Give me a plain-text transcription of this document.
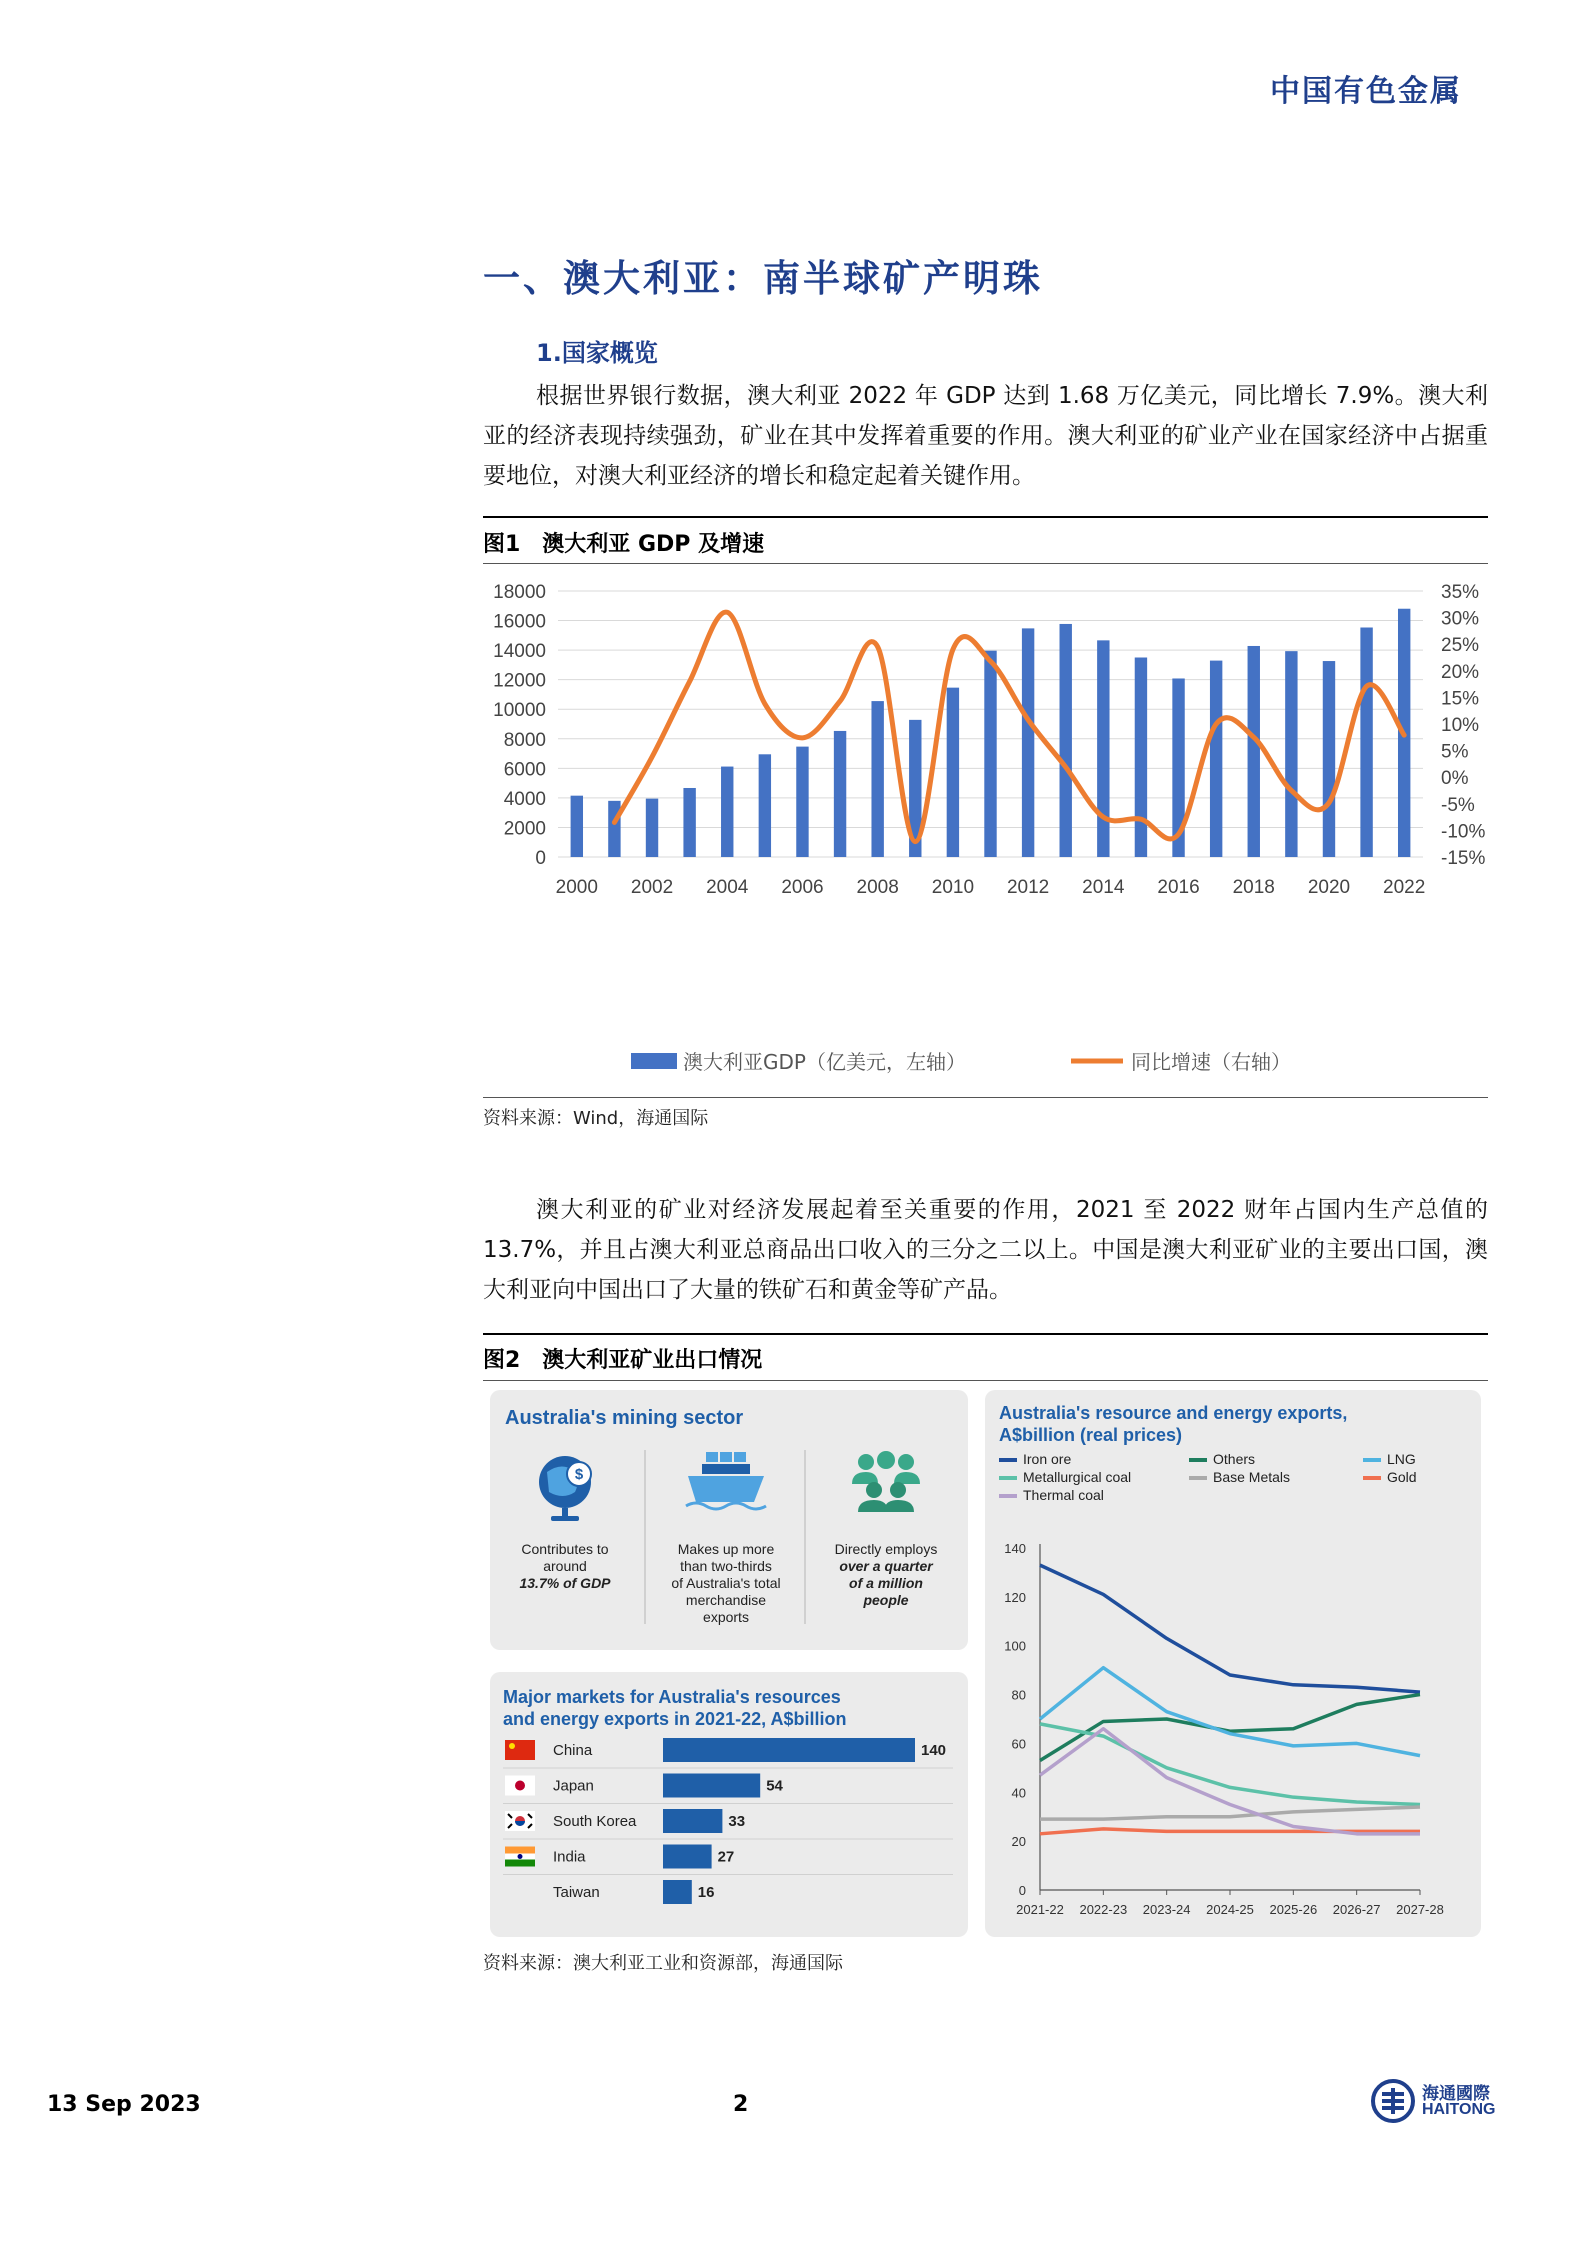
中国有色金属
一、澳大利亚：南半球矿产明珠
1.国家概览

根据世界银行数据，澳大利亚 2022 年 GDP 达到 1.68 万亿美元，同比增长 7.9%。澳大利亚的经济表现持续强劲，矿业在其中发挥着重要的作用。澳大利亚的矿业产业在国家经济中占据重要地位，对澳大利亚经济的增长和稳定起着关键作用。

图1　澳大利亚 GDP 及增速
0
2000
4000
6000
8000
10000
12000
14000
16000
18000
-15%
-10%
-5%
0%
5%
10%
15%
20%
25%
30%
35%
2000 2002 2004 2006 2008 2010 2012 2014 2016 2018 2020 2022
澳大利亚GDP（亿美元，左轴）	同比增速（右轴）
资料来源：Wind，海通国际

澳大利亚的矿业对经济发展起着至关重要的作用，2021 至 2022 财年占国内生产总值的 13.7%，并且占澳大利亚总商品出口收入的三分之二以上。中国是澳大利亚矿业的主要出口国，澳大利亚向中国出口了大量的铁矿石和黄金等矿产品。

图2　澳大利亚矿业出口情况
Australia's mining sector
$
Contributes to
around
13.7% of GDP
Makes up more
than two-thirds
of Australia's total
merchandise
exports
Directly employs
over a quarter
of a million
people
Major markets for Australia's resources
and energy exports in 2021-22, A$billion
China	140
Japan	54
South Korea	33
India	27
Taiwan	16
Australia's resource and energy exports,
A$billion (real prices)
Iron ore	Others	LNG
Metallurgical coal	Base Metals	Gold
Thermal coal
0
20
40
60
80
100
120
140
2021-22 2022-23 2023-24 2024-25 2025-26 2026-27 2027-28
资料来源：澳大利亚工业和资源部，海通国际
13 Sep 2023	2	海通國際
HAITONG
